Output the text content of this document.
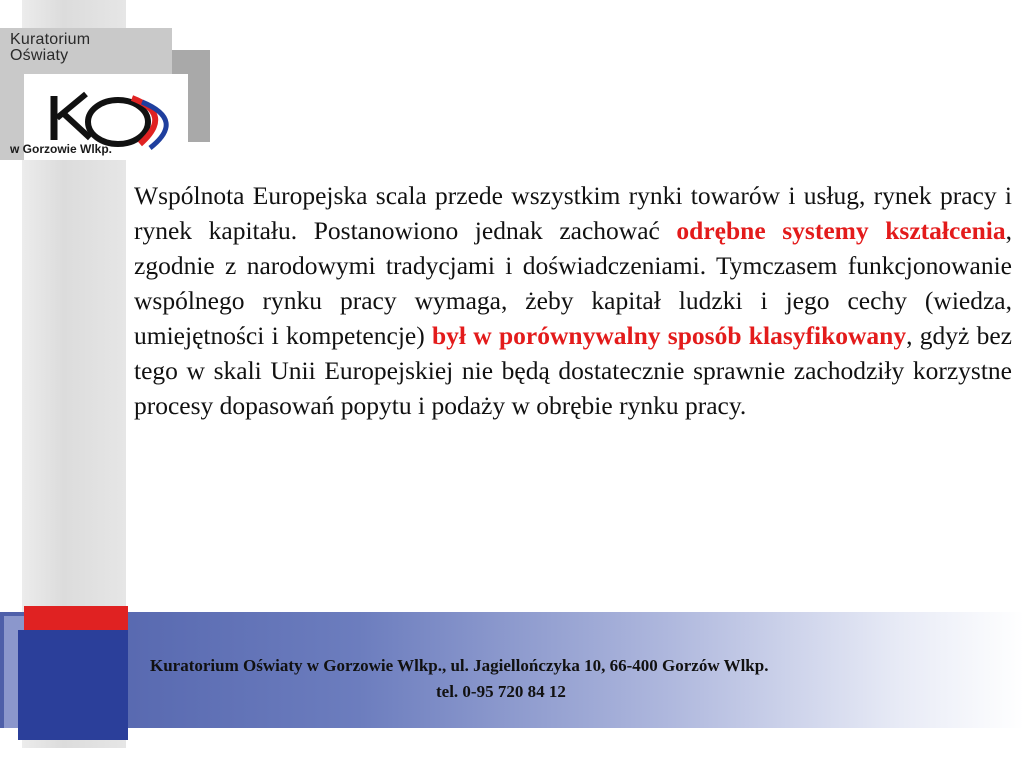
Kuratorium
Oświaty

w Gorzowie Wlkp.

Wspólnota Europejska scala przede wszystkim rynki towarów i usług, rynek pracy i rynek kapitału. Postanowiono jednak zachować odrębne systemy kształcenia, zgodnie z narodowymi tradycjami i doświadczeniami. Tymczasem funkcjonowanie wspólnego rynku pracy wymaga, żeby kapitał ludzki i jego cechy (wiedza, umiejętności i kompetencje) był w porównywalny sposób klasyfikowany, gdyż bez tego w skali Unii Europejskiej nie będą dostatecznie sprawnie zachodziły korzystne procesy dopasowań popytu i podaży w obrębie rynku pracy.

Kuratorium Oświaty w Gorzowie Wlkp., ul. Jagiellończyka 10, 66-400 Gorzów Wlkp.

tel. 0-95 720 84 12
